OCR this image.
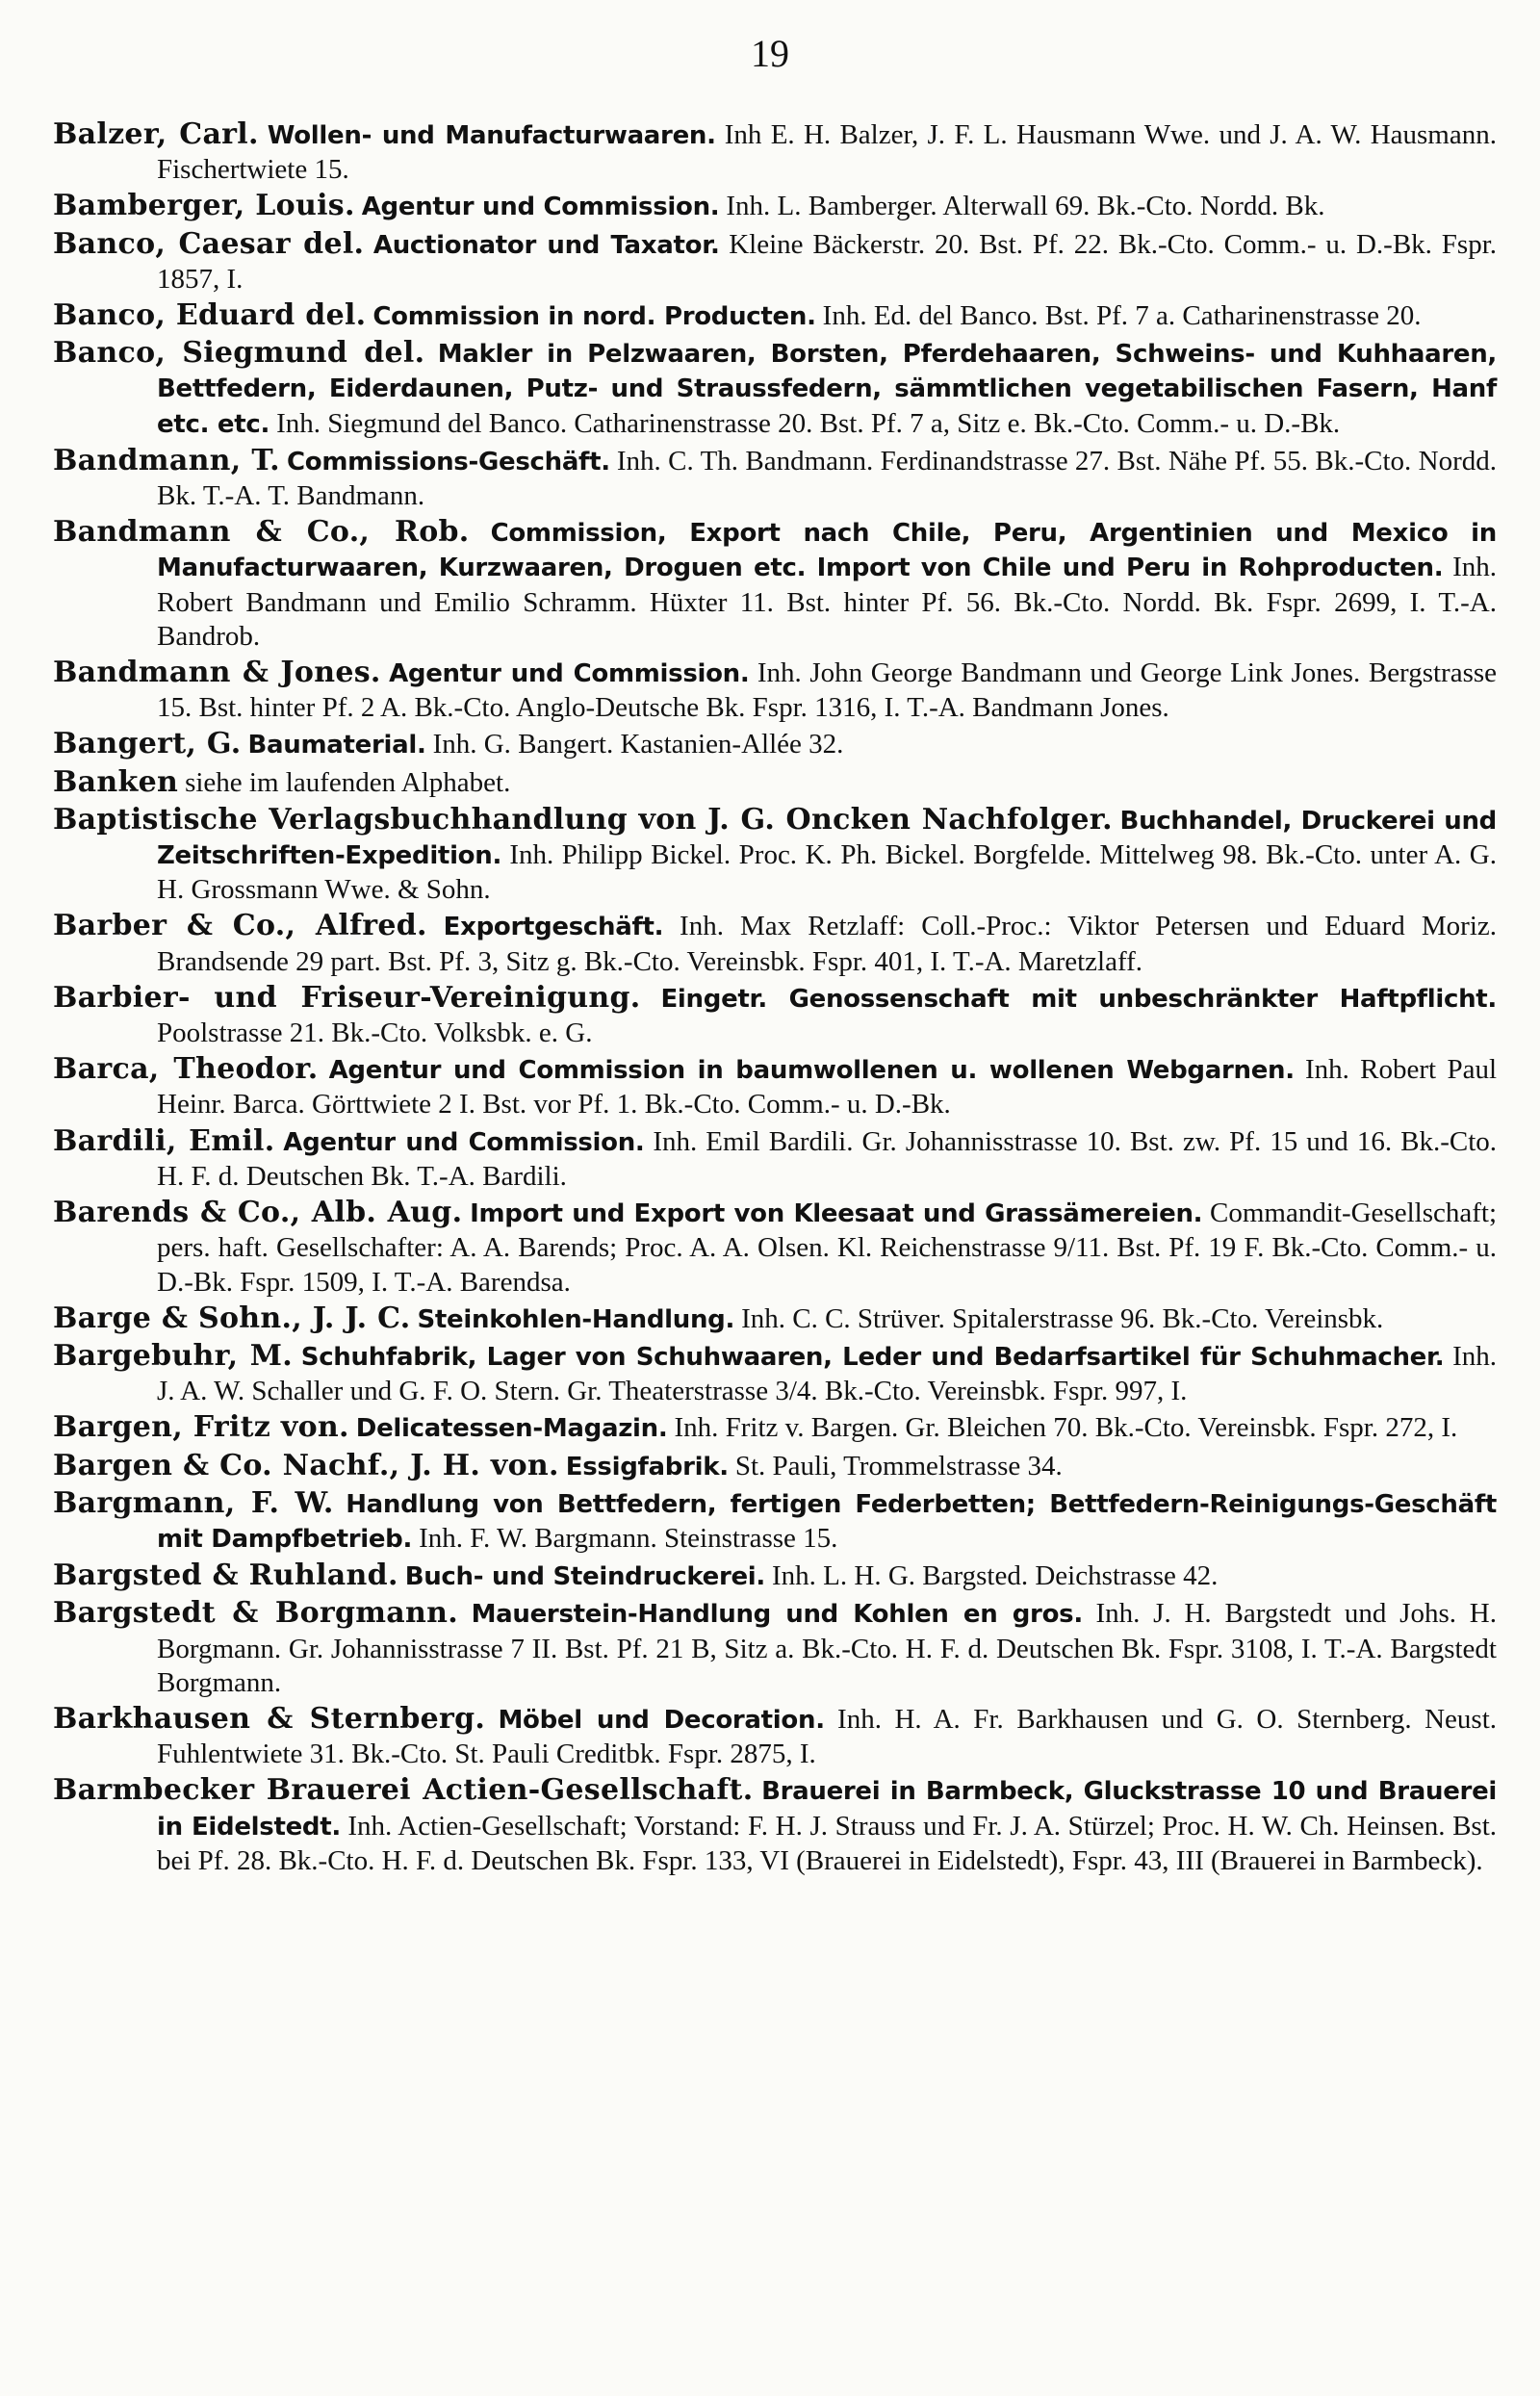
19

Balzer, Carl. Wollen- und Manufacturwaaren. Inh E. H. Balzer, J. F. L. Hausmann Wwe. und J. A. W. Hausmann. Fischertwiete 15.

Bamberger, Louis. Agentur und Commission. Inh. L. Bamberger. Alterwall 69. Bk.-Cto. Nordd. Bk.

Banco, Caesar del. Auctionator und Taxator. Kleine Bäckerstr. 20. Bst. Pf. 22. Bk.-Cto. Comm.- u. D.-Bk. Fspr. 1857, I.

Banco, Eduard del. Commission in nord. Producten. Inh. Ed. del Banco. Bst. Pf. 7 a. Catharinenstrasse 20.

Banco, Siegmund del. Makler in Pelzwaaren, Borsten, Pferdehaaren, Schweins- und Kuhhaaren, Bettfedern, Eiderdaunen, Putz- und Straussfedern, sämmtlichen vegetabilischen Fasern, Hanf etc. etc. Inh. Siegmund del Banco. Catharinenstrasse 20. Bst. Pf. 7 a, Sitz e. Bk.-Cto. Comm.- u. D.-Bk.

Bandmann, T. Commissions-Geschäft. Inh. C. Th. Bandmann. Ferdinandstrasse 27. Bst. Nähe Pf. 55. Bk.-Cto. Nordd. Bk. T.-A. T. Bandmann.

Bandmann & Co., Rob. Commission, Export nach Chile, Peru, Argentinien und Mexico in Manufacturwaaren, Kurzwaaren, Droguen etc. Import von Chile und Peru in Rohproducten. Inh. Robert Bandmann und Emilio Schramm. Hüxter 11. Bst. hinter Pf. 56. Bk.-Cto. Nordd. Bk. Fspr. 2699, I. T.-A. Bandrob.

Bandmann & Jones. Agentur und Commission. Inh. John George Bandmann und George Link Jones. Bergstrasse 15. Bst. hinter Pf. 2 A. Bk.-Cto. Anglo-Deutsche Bk. Fspr. 1316, I. T.-A. Bandmann Jones.

Bangert, G. Baumaterial. Inh. G. Bangert. Kastanien-Allée 32.

Banken siehe im laufenden Alphabet.

Baptistische Verlagsbuchhandlung von J. G. Oncken Nachfolger. Buchhandel, Druckerei und Zeitschriften-Expedition. Inh. Philipp Bickel. Proc. K. Ph. Bickel. Borgfelde. Mittelweg 98. Bk.-Cto. unter A. G. H. Grossmann Wwe. & Sohn.

Barber & Co., Alfred. Exportgeschäft. Inh. Max Retzlaff: Coll.-Proc.: Viktor Petersen und Eduard Moriz. Brandsende 29 part. Bst. Pf. 3, Sitz g. Bk.-Cto. Vereinsbk. Fspr. 401, I. T.-A. Maretzlaff.

Barbier- und Friseur-Vereinigung. Eingetr. Genossenschaft mit unbeschränkter Haftpflicht. Poolstrasse 21. Bk.-Cto. Volksbk. e. G.

Barca, Theodor. Agentur und Commission in baumwollenen u. wollenen Webgarnen. Inh. Robert Paul Heinr. Barca. Görttwiete 2 I. Bst. vor Pf. 1. Bk.-Cto. Comm.- u. D.-Bk.

Bardili, Emil. Agentur und Commission. Inh. Emil Bardili. Gr. Johannisstrasse 10. Bst. zw. Pf. 15 und 16. Bk.-Cto. H. F. d. Deutschen Bk. T.-A. Bardili.

Barends & Co., Alb. Aug. Import und Export von Kleesaat und Grassämereien. Commandit-Gesellschaft; pers. haft. Gesellschafter: A. A. Barends; Proc. A. A. Olsen. Kl. Reichenstrasse 9/11. Bst. Pf. 19 F. Bk.-Cto. Comm.- u. D.-Bk. Fspr. 1509, I. T.-A. Barendsa.

Barge & Sohn., J. J. C. Steinkohlen-Handlung. Inh. C. C. Strüver. Spitalerstrasse 96. Bk.-Cto. Vereinsbk.

Bargebuhr, M. Schuhfabrik, Lager von Schuhwaaren, Leder und Bedarfsartikel für Schuhmacher. Inh. J. A. W. Schaller und G. F. O. Stern. Gr. Theaterstrasse 3/4. Bk.-Cto. Vereinsbk. Fspr. 997, I.

Bargen, Fritz von. Delicatessen-Magazin. Inh. Fritz v. Bargen. Gr. Bleichen 70. Bk.-Cto. Vereinsbk. Fspr. 272, I.

Bargen & Co. Nachf., J. H. von. Essigfabrik. St. Pauli, Trommelstrasse 34.

Bargmann, F. W. Handlung von Bettfedern, fertigen Federbetten; Bettfedern-Reinigungs-Geschäft mit Dampfbetrieb. Inh. F. W. Bargmann. Steinstrasse 15.

Bargsted & Ruhland. Buch- und Steindruckerei. Inh. L. H. G. Bargsted. Deichstrasse 42.

Bargstedt & Borgmann. Mauerstein-Handlung und Kohlen en gros. Inh. J. H. Bargstedt und Johs. H. Borgmann. Gr. Johannisstrasse 7 II. Bst. Pf. 21 B, Sitz a. Bk.-Cto. H. F. d. Deutschen Bk. Fspr. 3108, I. T.-A. Bargstedt Borgmann.

Barkhausen & Sternberg. Möbel und Decoration. Inh. H. A. Fr. Barkhausen und G. O. Sternberg. Neust. Fuhlentwiete 31. Bk.-Cto. St. Pauli Creditbk. Fspr. 2875, I.

Barmbecker Brauerei Actien-Gesellschaft. Brauerei in Barmbeck, Gluckstrasse 10 und Brauerei in Eidelstedt. Inh. Actien-Gesellschaft; Vorstand: F. H. J. Strauss und Fr. J. A. Stürzel; Proc. H. W. Ch. Heinsen. Bst. bei Pf. 28. Bk.-Cto. H. F. d. Deutschen Bk. Fspr. 133, VI (Brauerei in Eidelstedt), Fspr. 43, III (Brauerei in Barmbeck).
